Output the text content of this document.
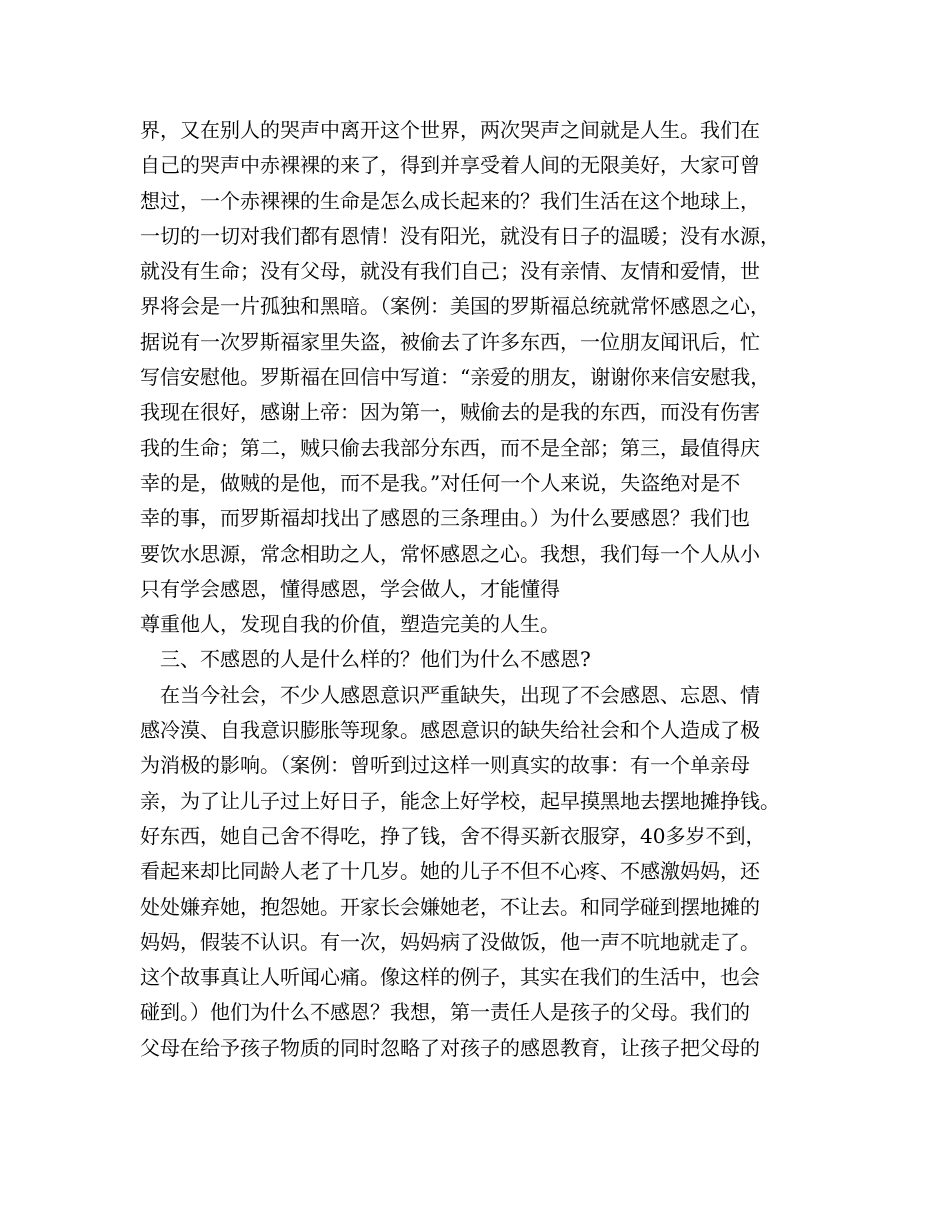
界，又在别人的哭声中离开这个世界，两次哭声之间就是人生。我们在
自己的哭声中赤裸裸的来了，得到并享受着人间的无限美好，大家可曾
想过，一个赤裸裸的生命是怎么成长起来的？我们生活在这个地球上，
一切的一切对我们都有恩情！没有阳光，就没有日子的温暖；没有水源，
就没有生命；没有父母，就没有我们自己；没有亲情、友情和爱情，世
界将会是一片孤独和黑暗。（案例：美国的罗斯福总统就常怀感恩之心，
据说有一次罗斯福家里失盗，被偷去了许多东西，一位朋友闻讯后，忙
写信安慰他。罗斯福在回信中写道：“亲爱的朋友，谢谢你来信安慰我，
我现在很好，感谢上帝：因为第一，贼偷去的是我的东西，而没有伤害
我的生命；第二，贼只偷去我部分东西，而不是全部；第三，最值得庆
幸的是，做贼的是他，而不是我。”对任何一个人来说，失盗绝对是不
幸的事，而罗斯福却找出了感恩的三条理由。）为什么要感恩？我们也
要饮水思源，常念相助之人，常怀感恩之心。我想，我们每一个人从小
只有学会感恩，懂得感恩，学会做人，才能懂得
尊重他人，发现自我的价值，塑造完美的人生。
三、不感恩的人是什么样的？他们为什么不感恩?
在当今社会，不少人感恩意识严重缺失，出现了不会感恩、忘恩、情
感冷漠、自我意识膨胀等现象。感恩意识的缺失给社会和个人造成了极
为消极的影响。（案例：曾听到过这样一则真实的故事：有一个单亲母
亲，为了让儿子过上好日子，能念上好学校，起早摸黑地去摆地摊挣钱。
好东西，她自己舍不得吃，挣了钱，舍不得买新衣服穿，40多岁不到，
看起来却比同龄人老了十几岁。她的儿子不但不心疼、不感激妈妈，还
处处嫌弃她，抱怨她。开家长会嫌她老，不让去。和同学碰到摆地摊的
妈妈，假装不认识。有一次，妈妈病了没做饭，他一声不吭地就走了。
这个故事真让人听闻心痛。像这样的例子，其实在我们的生活中，也会
碰到。）他们为什么不感恩？我想，第一责任人是孩子的父母。我们的
父母在给予孩子物质的同时忽略了对孩子的感恩教育，让孩子把父母的
